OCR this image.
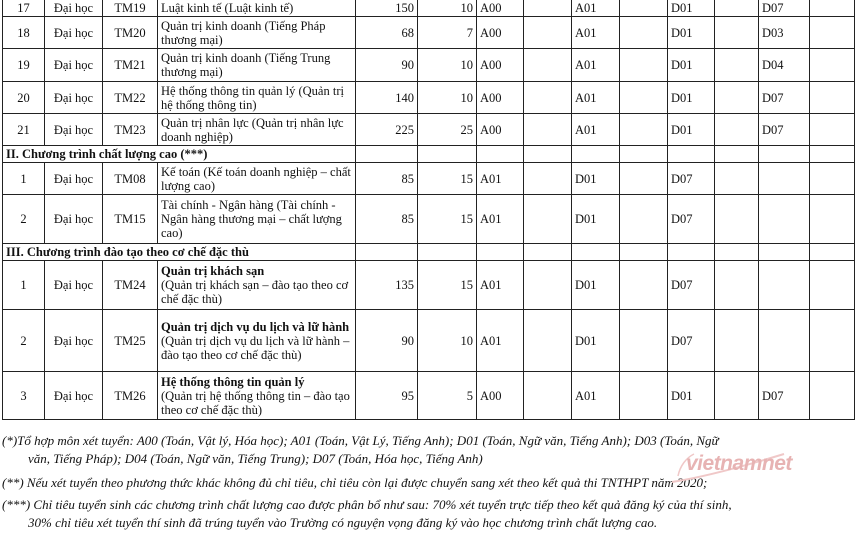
17	Đại học	TM19	Luật kinh tế (Luật kinh tế)	150	10	A00		A01		D01		D07	
18	Đại học	TM20	Quản trị kinh doanh (Tiếng Pháp thương mại)	68	7	A00		A01		D01		D03	
19	Đại học	TM21	Quản trị kinh doanh (Tiếng Trung thương mại)	90	10	A00		A01		D01		D04	
20	Đại học	TM22	Hệ thống thông tin quản lý (Quản trị hệ thống thông tin)	140	10	A00		A01		D01		D07	
21	Đại học	TM23	Quản trị nhân lực (Quản trị nhân lực doanh nghiệp)	225	25	A00		A01		D01		D07	
II. Chương trình chất lượng cao (***)													
1	Đại học	TM08	Kế toán (Kế toán doanh nghiệp – chất lượng cao)	85	15	A01		D01		D07			
2	Đại học	TM15	Tài chính - Ngân hàng (Tài chính - Ngân hàng thương mại – chất lượng cao)	85	15	A01		D01		D07			
III. Chương trình đào tạo theo cơ chế đặc thù													
1	Đại học	TM24	Quản trị khách sạn
(Quản trị khách sạn – đào tạo theo cơ chế đặc thù)	135	15	A01		D01		D07			
2	Đại học	TM25	Quản trị dịch vụ du lịch và lữ hành (Quản trị dịch vụ du lịch và lữ hành – đào tạo theo cơ chế đặc thù)	90	10	A01		D01		D07			
3	Đại học	TM26	Hệ thống thông tin quản lý
(Quản trị hệ thống thông tin – đào tạo theo cơ chế đặc thù)	95	5	A00		A01		D01		D07	

(*)Tổ hợp môn xét tuyển: A00 (Toán, Vật lý, Hóa học); A01 (Toán, Vật Lý, Tiếng Anh); D01 (Toán, Ngữ văn, Tiếng Anh); D03 (Toán, Ngữ
văn, Tiếng Pháp); D04 (Toán, Ngữ văn, Tiếng Trung); D07 (Toán, Hóa học, Tiếng Anh)

(**) Nếu xét tuyển theo phương thức khác không đủ chỉ tiêu, chỉ tiêu còn lại được chuyển sang xét theo kết quả thi TNTHPT năm 2020;

(***) Chỉ tiêu tuyển sinh các chương trình chất lượng cao được phân bổ như sau: 70% xét tuyển trực tiếp theo kết quả đăng ký của thí sinh,
30% chỉ tiêu xét tuyển thí sinh đã trúng tuyển vào Trường có nguyện vọng đăng ký vào học chương trình chất lượng cao.

vietnamnet
